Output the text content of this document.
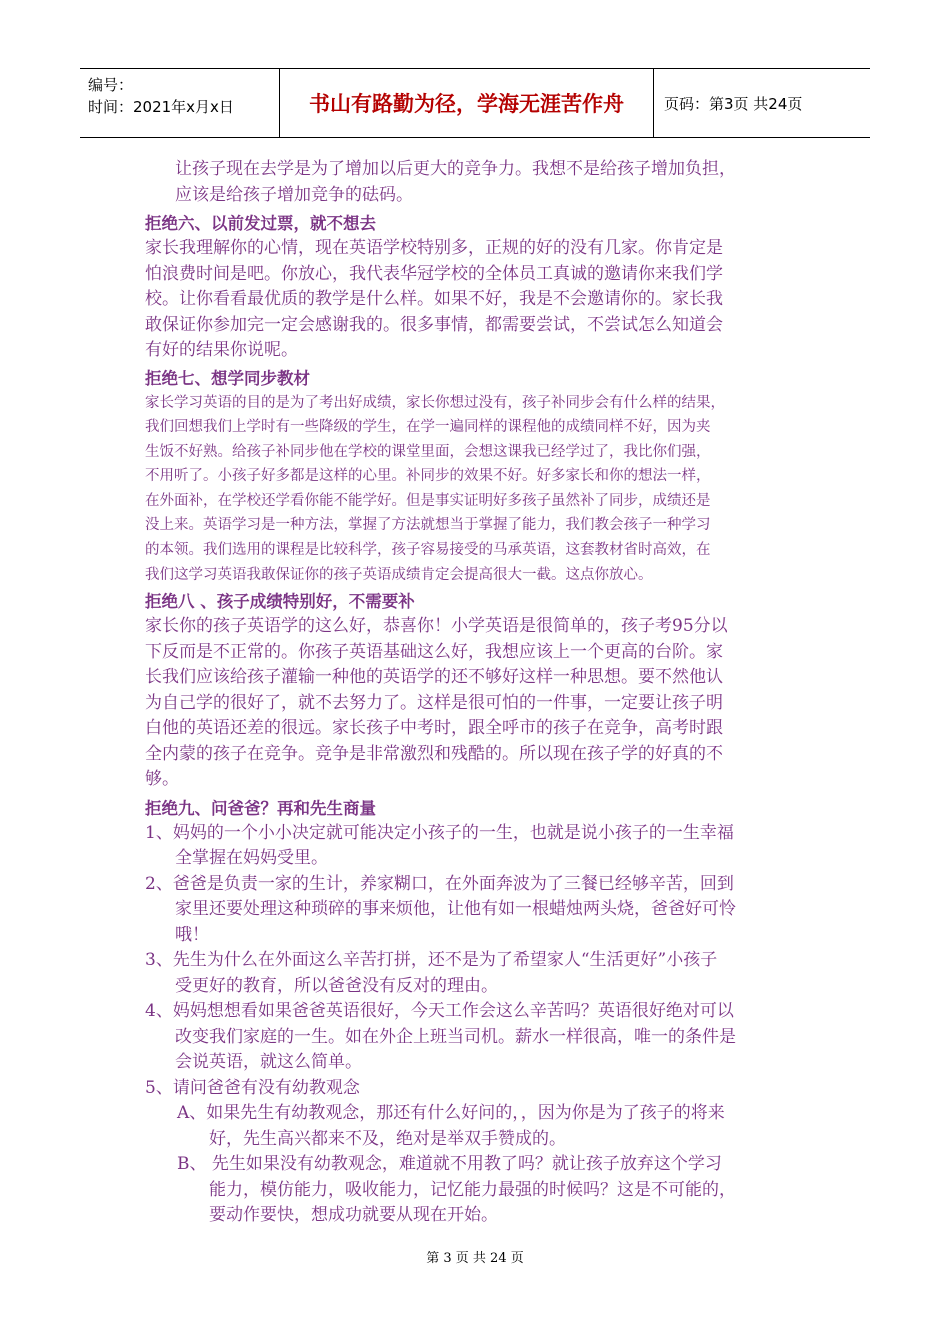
编号：
时间：2021年x月x日	书山有路勤为径，学海无涯苦作舟	页码：第3页 共24页

让孩子现在去学是为了增加以后更大的竞争力。我想不是给孩子增加负担，

应该是给孩子增加竞争的砝码。

拒绝六、以前发过票，就不想去

家长我理解你的心情，现在英语学校特别多，正规的好的没有几家。你肯定是

怕浪费时间是吧。你放心，我代表华冠学校的全体员工真诚的邀请你来我们学

校。让你看看最优质的教学是什么样。如果不好，我是不会邀请你的。家长我

敢保证你参加完一定会感谢我的。很多事情，都需要尝试，不尝试怎么知道会

有好的结果你说呢。

拒绝七、想学同步教材

家长学习英语的目的是为了考出好成绩，家长你想过没有，孩子补同步会有什么样的结果，

我们回想我们上学时有一些降级的学生，在学一遍同样的课程他的成绩同样不好，因为夹

生饭不好熟。给孩子补同步他在学校的课堂里面，会想这课我已经学过了，我比你们强，

不用听了。小孩子好多都是这样的心里。补同步的效果不好。好多家长和你的想法一样，

在外面补，在学校还学看你能不能学好。但是事实证明好多孩子虽然补了同步，成绩还是

没上来。英语学习是一种方法，掌握了方法就想当于掌握了能力，我们教会孩子一种学习

的本领。我们选用的课程是比较科学，孩子容易接受的马承英语，这套教材省时高效，在

我们这学习英语我敢保证你的孩子英语成绩肯定会提高很大一截。这点你放心。

拒绝八 、孩子成绩特别好，不需要补

家长你的孩子英语学的这么好，恭喜你！小学英语是很简单的，孩子考95分以

下反而是不正常的。你孩子英语基础这么好，我想应该上一个更高的台阶。家

长我们应该给孩子灌输一种他的英语学的还不够好这样一种思想。要不然他认

为自己学的很好了，就不去努力了。这样是很可怕的一件事，一定要让孩子明

白他的英语还差的很远。家长孩子中考时，跟全呼市的孩子在竞争，高考时跟

全内蒙的孩子在竞争。竞争是非常激烈和残酷的。所以现在孩子学的好真的不

够。

拒绝九、问爸爸？再和先生商量

1、妈妈的一个小小决定就可能决定小孩子的一生，也就是说小孩子的一生幸福

全掌握在妈妈受里。

2、爸爸是负责一家的生计，养家糊口，在外面奔波为了三餐已经够辛苦，回到

家里还要处理这种琐碎的事来烦他，让他有如一根蜡烛两头烧，爸爸好可怜

哦！

3、先生为什么在外面这么辛苦打拼，还不是为了希望家人“生活更好”小孩子

受更好的教育，所以爸爸没有反对的理由。

4、妈妈想想看如果爸爸英语很好，今天工作会这么辛苦吗？英语很好绝对可以

改变我们家庭的一生。如在外企上班当司机。薪水一样很高，唯一的条件是

会说英语，就这么简单。

5、请问爸爸有没有幼教观念

A、如果先生有幼教观念，那还有什么好问的，，因为你是为了孩子的将来

好，先生高兴都来不及，绝对是举双手赞成的。

B、 先生如果没有幼教观念，难道就不用教了吗？就让孩子放弃这个学习

能力，模仿能力，吸收能力，记忆能力最强的时候吗？这是不可能的，

要动作要快，想成功就要从现在开始。

第 3 页 共 24 页
